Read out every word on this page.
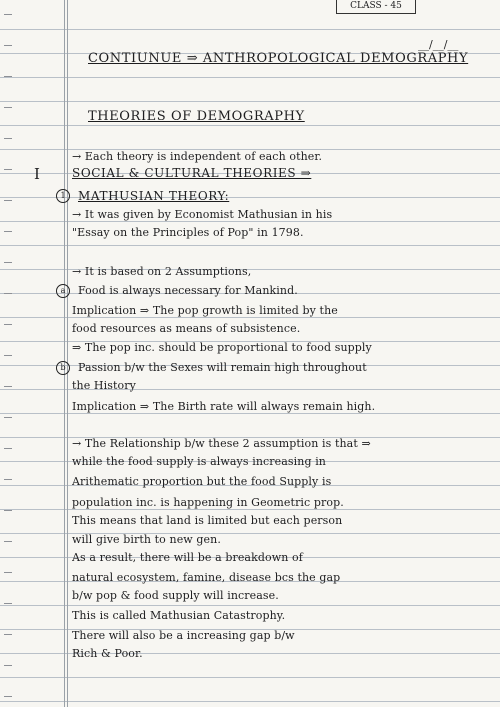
CLASS - 45
__/__/__
CONTIUNUE ⇒ ANTHROPOLOGICAL DEMOGRAPHY
THEORIES OF DEMOGRAPHY
I
1
a
b
→ Each theory is independent of each other.
SOCIAL & CULTURAL THEORIES ⇒
MATHUSIAN THEORY:
→ It was given by Economist Mathusian in his
"Essay on the Principles of Pop" in 1798.
→ It is based on 2 Assumptions,
Food is always necessary for Mankind.
Implication ⇒ The pop growth is limited by the
food resources as means of subsistence.
⇒ The pop inc. should be proportional to food supply
Passion b/w the Sexes will remain high throughout
the History
Implication ⇒ The Birth rate will always remain high.
→ The Relationship b/w these 2 assumption is that ⇒
while the food supply is always increasing in
Arithematic proportion but the food Supply is
population inc. is happening in Geometric prop.
This means that land is limited but each person
will give birth to new gen.
As a result, there will be a breakdown of
natural ecosystem, famine, disease bcs the gap
b/w pop & food supply will increase.
This is called Mathusian Catastrophy.
There will also be a increasing gap b/w
Rich & Poor.
